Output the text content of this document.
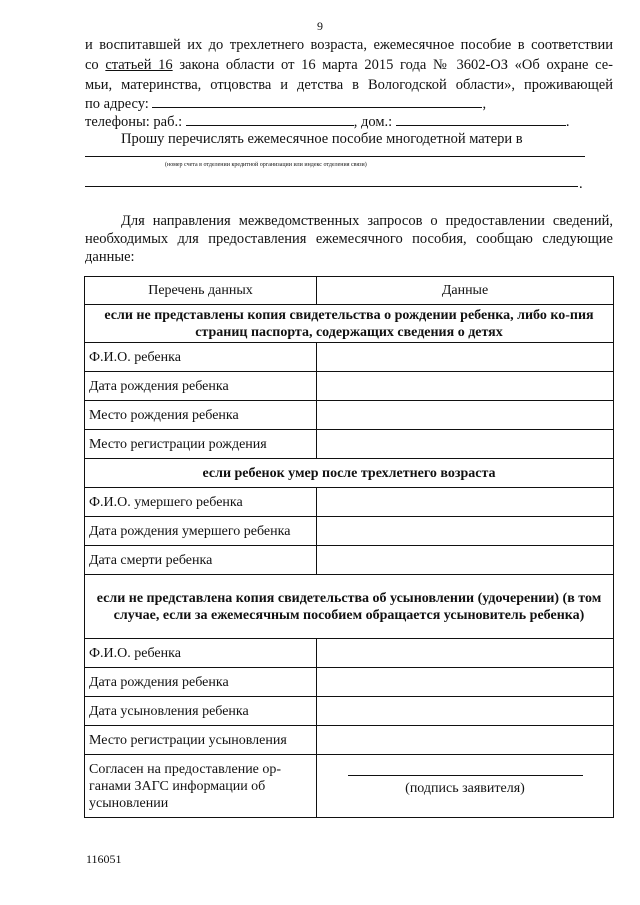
9
и воспитавшей их до трехлетнего возраста, ежемесячное пособие в соответствии
со статьей 16 закона области от 16 марта 2015 года № 3602-ОЗ «Об охране се-
мьи, материнства, отцовства и детства в Вологодской области», проживающей
по адресу:	,
телефоны: раб.:	, дом.:	.
Прошу перечислять ежемесячное пособие многодетной матери в
(номер счета в отделении кредитной организации или индекс отделения связи)
.
Для направления межведомственных запросов о предоставлении сведений,
необходимых для предоставления ежемесячного пособия, сообщаю следующие
данные:
Перечень данных	Данные
если не представлены копия свидетельства о рождении ребенка, либо ко-пия страниц паспорта, содержащих сведения о детях	
Ф.И.О. ребенка	
Дата рождения ребенка	
Место рождения ребенка	
Место регистрации рождения	
если ребенок умер после трехлетнего возраста	
Ф.И.О. умершего ребенка	
Дата рождения умершего ребенка	
Дата смерти ребенка	
если не представлена копия свидетельства об усыновлении (удочерении) (в том случае, если за ежемесячным пособием обращается усыновитель ребенка)	
Ф.И.О. ребенка	
Дата рождения ребенка	
Дата усыновления ребенка	
Место регистрации усыновления	
Согласен на предоставление ор-ганами ЗАГС информации об усыновлении	(подпись заявителя)
116051
